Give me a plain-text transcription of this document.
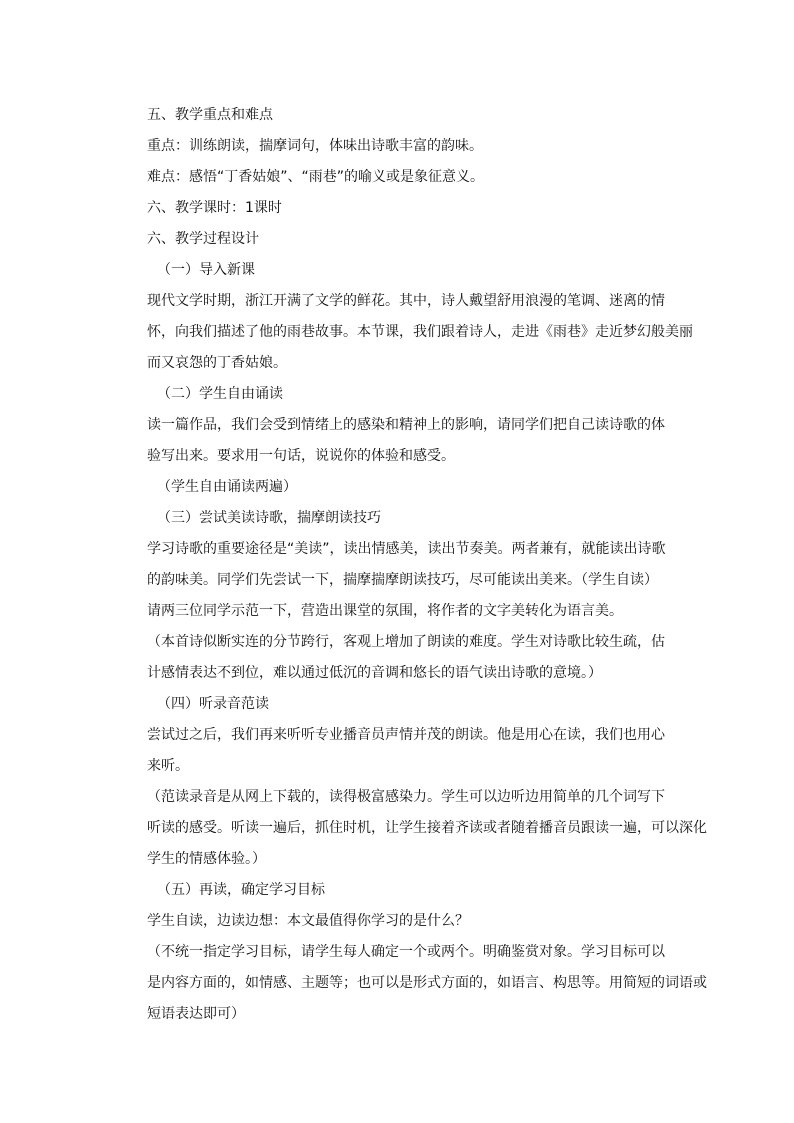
五、教学重点和难点
重点：训练朗读，揣摩词句，体味出诗歌丰富的韵味。
难点：感悟“丁香姑娘”、“雨巷”的喻义或是象征意义。
六、教学课时：1课时
六、教学过程设计
（一）导入新课
现代文学时期，浙江开满了文学的鲜花。其中，诗人戴望舒用浪漫的笔调、迷离的情
怀，向我们描述了他的雨巷故事。本节课，我们跟着诗人，走进《雨巷》走近梦幻般美丽
而又哀怨的丁香姑娘。
（二）学生自由诵读
读一篇作品，我们会受到情绪上的感染和精神上的影响，请同学们把自己读诗歌的体
验写出来。要求用一句话，说说你的体验和感受。
（学生自由诵读两遍）
（三）尝试美读诗歌，揣摩朗读技巧
学习诗歌的重要途径是“美读”，读出情感美，读出节奏美。两者兼有，就能读出诗歌
的韵味美。同学们先尝试一下，揣摩揣摩朗读技巧，尽可能读出美来。（学生自读）
请两三位同学示范一下，营造出课堂的氛围，将作者的文字美转化为语言美。
（本首诗似断实连的分节跨行，客观上增加了朗读的难度。学生对诗歌比较生疏，估
计感情表达不到位，难以通过低沉的音调和悠长的语气读出诗歌的意境。）
（四）听录音范读
尝试过之后，我们再来听听专业播音员声情并茂的朗读。他是用心在读，我们也用心
来听。
（范读录音是从网上下载的，读得极富感染力。学生可以边听边用简单的几个词写下
听读的感受。听读一遍后，抓住时机，让学生接着齐读或者随着播音员跟读一遍，可以深化
学生的情感体验。）
（五）再读，确定学习目标
学生自读，边读边想：本文最值得你学习的是什么？
（不统一指定学习目标，请学生每人确定一个或两个。明确鉴赏对象。学习目标可以
是内容方面的，如情感、主题等；也可以是形式方面的，如语言、构思等。用简短的词语或
短语表达即可）
